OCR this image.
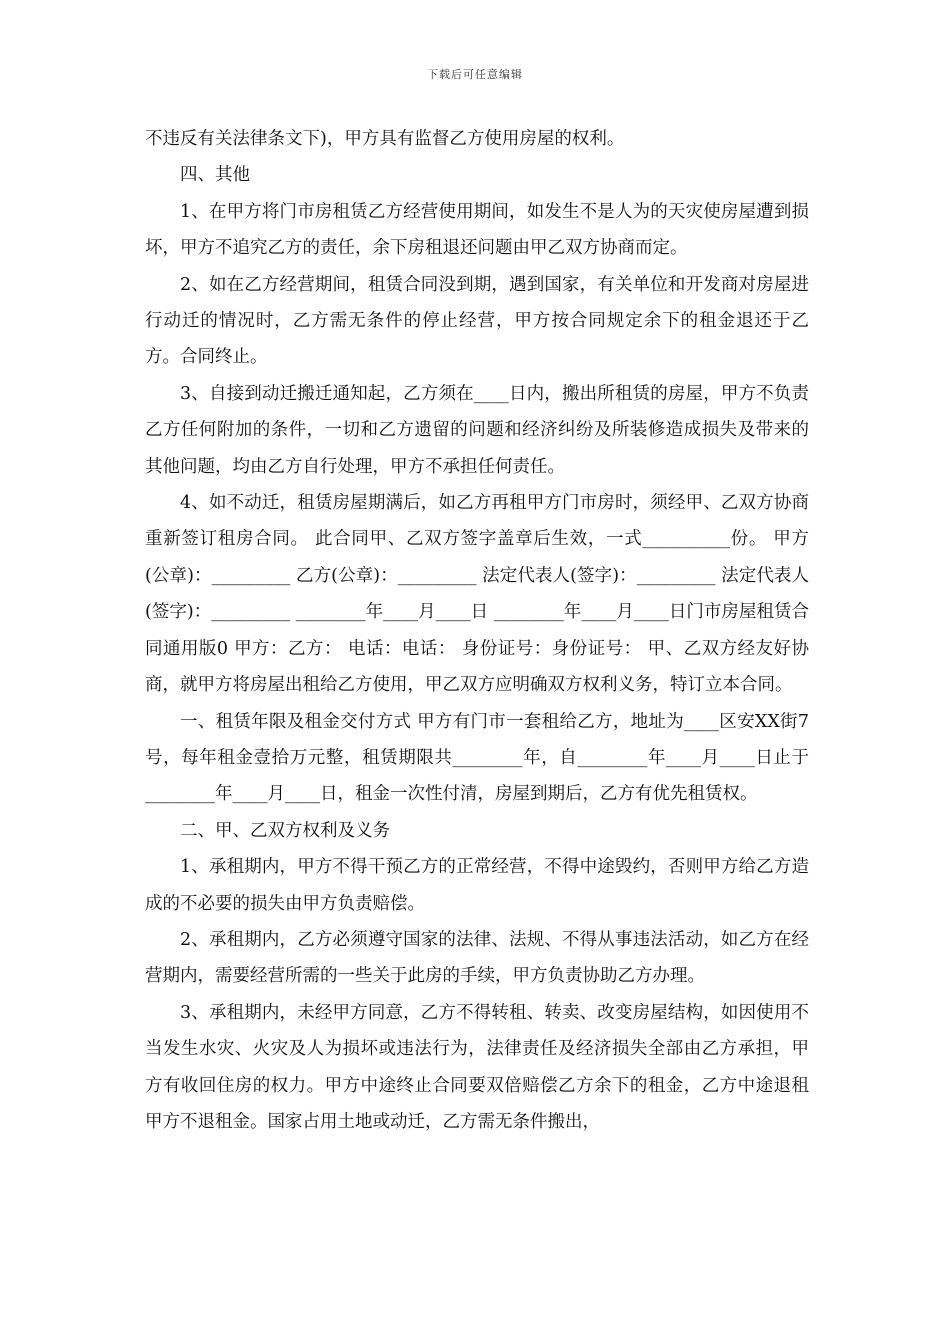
下载后可任意编辑

不违反有关法律条文下)，甲方具有监督乙方使用房屋的权利。

四、其他

1、在甲方将门市房租赁乙方经营使用期间，如发生不是人为的天灾使房屋遭到损坏，甲方不追究乙方的责任，余下房租退还问题由甲乙双方协商而定。

2、如在乙方经营期间，租赁合同没到期，遇到国家，有关单位和开发商对房屋进行动迁的情况时，乙方需无条件的停止经营，甲方按合同规定余下的租金退还于乙方。合同终止。

3、自接到动迁搬迁通知起，乙方须在____日内，搬出所租赁的房屋，甲方不负责乙方任何附加的条件，一切和乙方遗留的问题和经济纠纷及所装修造成损失及带来的其他问题，均由乙方自行处理，甲方不承担任何责任。

4、如不动迁，租赁房屋期满后，如乙方再租甲方门市房时，须经甲、乙双方协商重新签订租房合同。 此合同甲、乙双方签字盖章后生效，一式__________份。 甲方(公章)：_________ 乙方(公章)：_________ 法定代表人(签字)：_________ 法定代表人(签字)：_________ ________年____月____日 ________年____月____日门市房屋租赁合同通用版0 甲方：乙方： 电话：电话： 身份证号：身份证号： 甲、乙双方经友好协商，就甲方将房屋出租给乙方使用，甲乙双方应明确双方权利义务，特订立本合同。

一、租赁年限及租金交付方式 甲方有门市一套租给乙方，地址为____区安XX街7号，每年租金壹拾万元整，租赁期限共________年，自________年____月____日止于________年____月____日，租金一次性付清，房屋到期后，乙方有优先租赁权。

二、甲、乙双方权利及义务

1、承租期内，甲方不得干预乙方的正常经营，不得中途毁约，否则甲方给乙方造成的不必要的损失由甲方负责赔偿。

2、承租期内，乙方必须遵守国家的法律、法规、不得从事违法活动，如乙方在经营期内，需要经营所需的一些关于此房的手续，甲方负责协助乙方办理。

3、承租期内，未经甲方同意，乙方不得转租、转卖、改变房屋结构，如因使用不当发生水灾、火灾及人为损坏或违法行为，法律责任及经济损失全部由乙方承担，甲方有收回住房的权力。甲方中途终止合同要双倍赔偿乙方余下的租金，乙方中途退租甲方不退租金。国家占用土地或动迁，乙方需无条件搬出，
